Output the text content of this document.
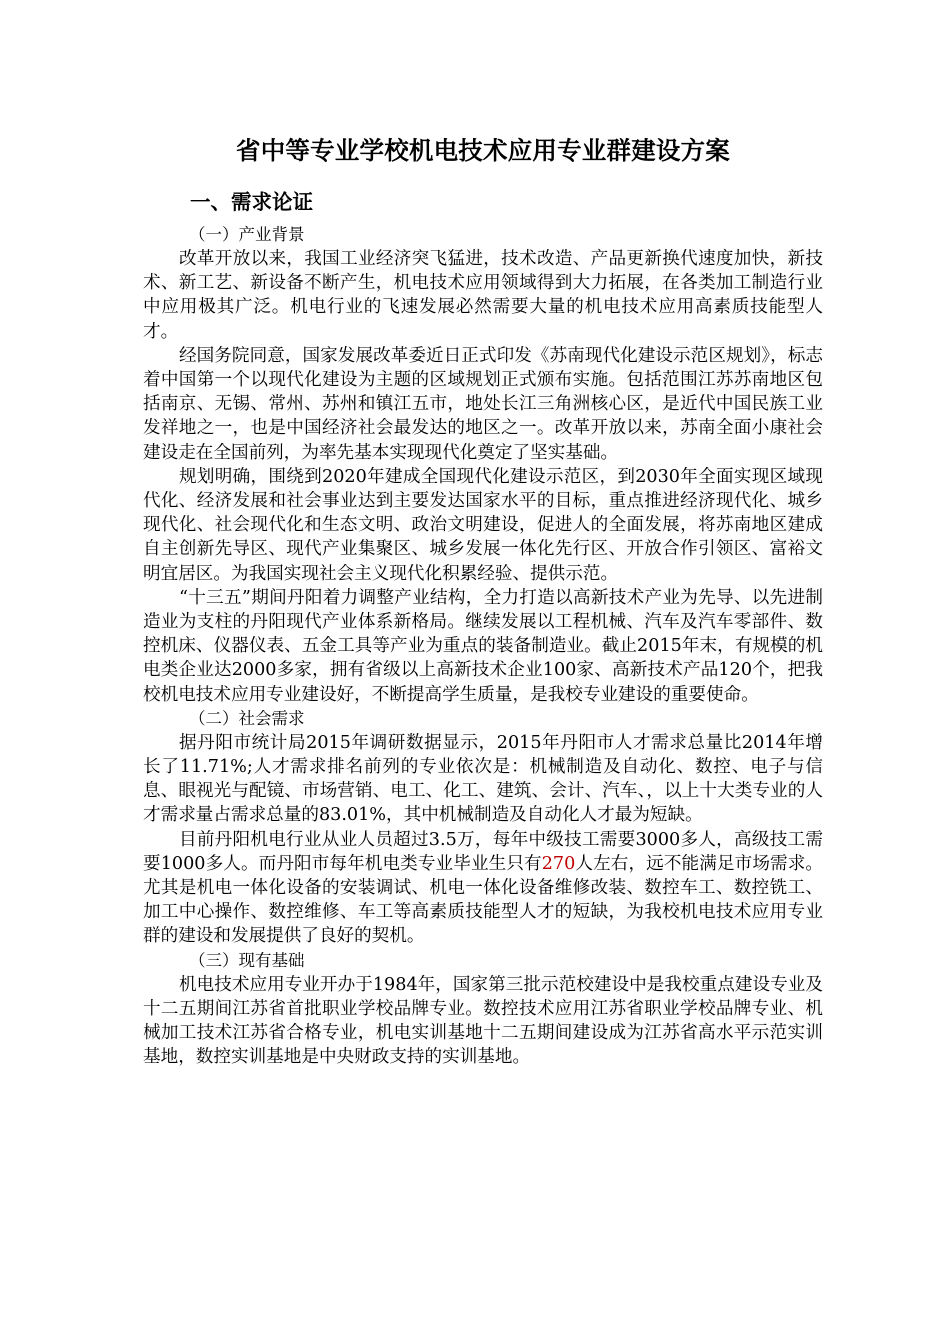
省中等专业学校机电技术应用专业群建设方案
一、需求论证
（一）产业背景

改革开放以来，我国工业经济突飞猛进，技术改造、产品更新换代速度加快，新技术、新工艺、新设备不断产生，机电技术应用领域得到大力拓展，在各类加工制造行业中应用极其广泛。机电行业的飞速发展必然需要大量的机电技术应用高素质技能型人才。

经国务院同意，国家发展改革委近日正式印发《苏南现代化建设示范区规划》，标志着中国第一个以现代化建设为主题的区域规划正式颁布实施。包括范围江苏苏南地区包括南京、无锡、常州、苏州和镇江五市，地处长江三角洲核心区，是近代中国民族工业发祥地之一，也是中国经济社会最发达的地区之一。改革开放以来，苏南全面小康社会建设走在全国前列，为率先基本实现现代化奠定了坚实基础。

规划明确，围绕到2020年建成全国现代化建设示范区，到2030年全面实现区域现代化、经济发展和社会事业达到主要发达国家水平的目标，重点推进经济现代化、城乡现代化、社会现代化和生态文明、政治文明建设，促进人的全面发展，将苏南地区建成自主创新先导区、现代产业集聚区、城乡发展一体化先行区、开放合作引领区、富裕文明宜居区。为我国实现社会主义现代化积累经验、提供示范。

“十三五”期间丹阳着力调整产业结构，全力打造以高新技术产业为先导、以先进制造业为支柱的丹阳现代产业体系新格局。继续发展以工程机械、汽车及汽车零部件、数控机床、仪器仪表、五金工具等产业为重点的装备制造业。截止2015年末，有规模的机电类企业达2000多家，拥有省级以上高新技术企业100家、高新技术产品120个，把我校机电技术应用专业建设好，不断提高学生质量，是我校专业建设的重要使命。

（二）社会需求

据丹阳市统计局2015年调研数据显示，2015年丹阳市人才需求总量比2014年增长了11.71%;人才需求排名前列的专业依次是：机械制造及自动化、数控、电子与信息、眼视光与配镜、市场营销、电工、化工、建筑、会计、汽车、，以上十大类专业的人才需求量占需求总量的83.01%，其中机械制造及自动化人才最为短缺。

目前丹阳机电行业从业人员超过3.5万，每年中级技工需要3000多人，高级技工需要1000多人。而丹阳市每年机电类专业毕业生只有270人左右，远不能满足市场需求。尤其是机电一体化设备的安装调试、机电一体化设备维修改装、数控车工、数控铣工、加工中心操作、数控维修、车工等高素质技能型人才的短缺，为我校机电技术应用专业群的建设和发展提供了良好的契机。

（三）现有基础

机电技术应用专业开办于1984年，国家第三批示范校建设中是我校重点建设专业及十二五期间江苏省首批职业学校品牌专业。数控技术应用江苏省职业学校品牌专业、机械加工技术江苏省合格专业，机电实训基地十二五期间建设成为江苏省高水平示范实训基地，数控实训基地是中央财政支持的实训基地。
